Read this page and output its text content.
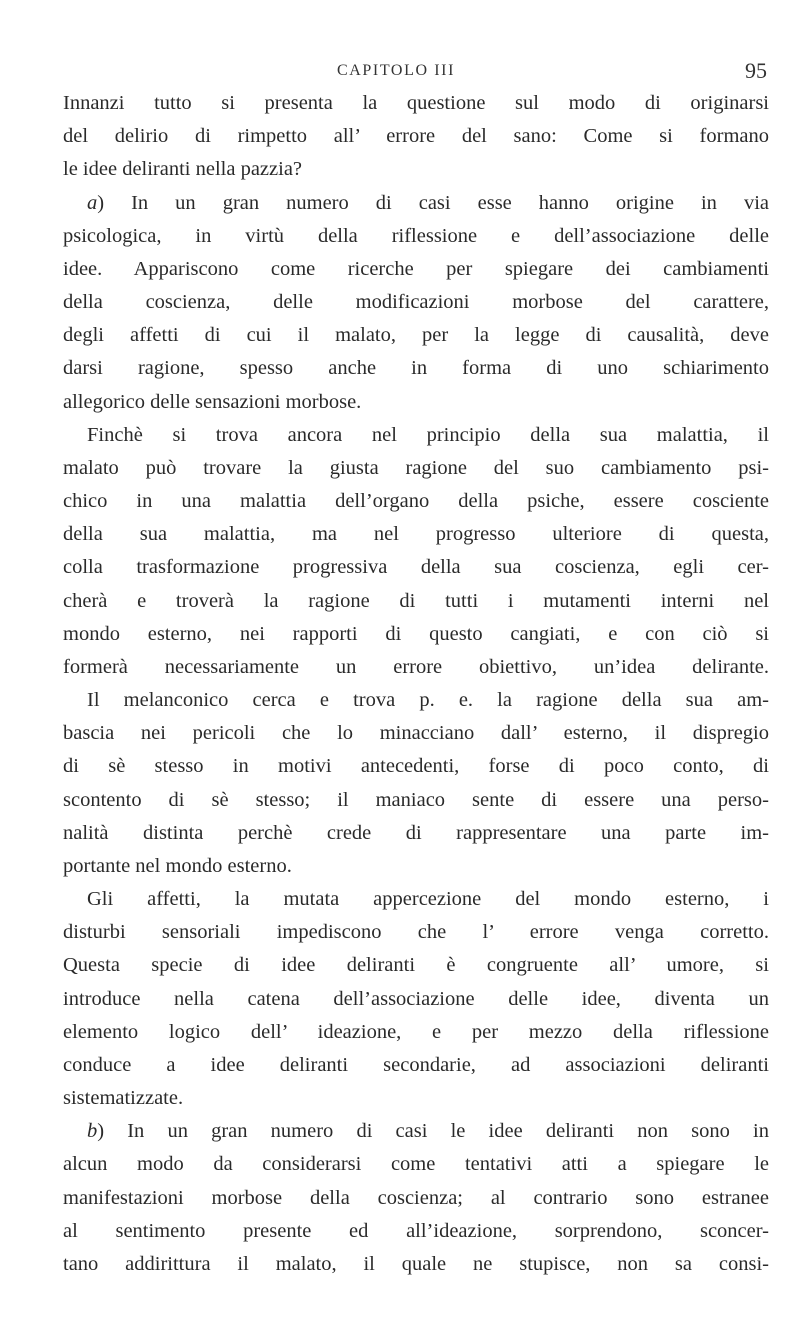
CAPITOLO III	95
Innanzi tutto si presenta la questione sul modo di originarsi
del delirio di rimpetto all’ errore del sano: Come si formano
le idee deliranti nella pazzia?
a) In un gran numero di casi esse hanno origine in via
psicologica, in virtù della riflessione e dell’associazione delle
idee. Appariscono come ricerche per spiegare dei cambiamenti
della coscienza, delle modificazioni morbose del carattere,
degli affetti di cui il malato, per la legge di causalità, deve
darsi ragione, spesso anche in forma di uno schiarimento
allegorico delle sensazioni morbose.
Finchè si trova ancora nel principio della sua malattia, il
malato può trovare la giusta ragione del suo cambiamento psi-
chico in una malattia dell’organo della psiche, essere cosciente
della sua malattia, ma nel progresso ulteriore di questa,
colla trasformazione progressiva della sua coscienza, egli cer-
cherà e troverà la ragione di tutti i mutamenti interni nel
mondo esterno, nei rapporti di questo cangiati, e con ciò si
formerà necessariamente un errore obiettivo, un’idea delirante.
Il melanconico cerca e trova p. e. la ragione della sua am-
bascia nei pericoli che lo minacciano dall’ esterno, il dispregio
di sè stesso in motivi antecedenti, forse di poco conto, di
scontento di sè stesso; il maniaco sente di essere una perso-
nalità distinta perchè crede di rappresentare una parte im-
portante nel mondo esterno.
Gli affetti, la mutata appercezione del mondo esterno, i
disturbi sensoriali impediscono che l’ errore venga corretto.
Questa specie di idee deliranti è congruente all’ umore, si
introduce nella catena dell’associazione delle idee, diventa un
elemento logico dell’ ideazione, e per mezzo della riflessione
conduce a idee deliranti secondarie, ad associazioni deliranti
sistematizzate.
b) In un gran numero di casi le idee deliranti non sono in
alcun modo da considerarsi come tentativi atti a spiegare le
manifestazioni morbose della coscienza; al contrario sono estranee
al sentimento presente ed all’ideazione, sorprendono, sconcer-
tano addirittura il malato, il quale ne stupisce, non sa consi-
